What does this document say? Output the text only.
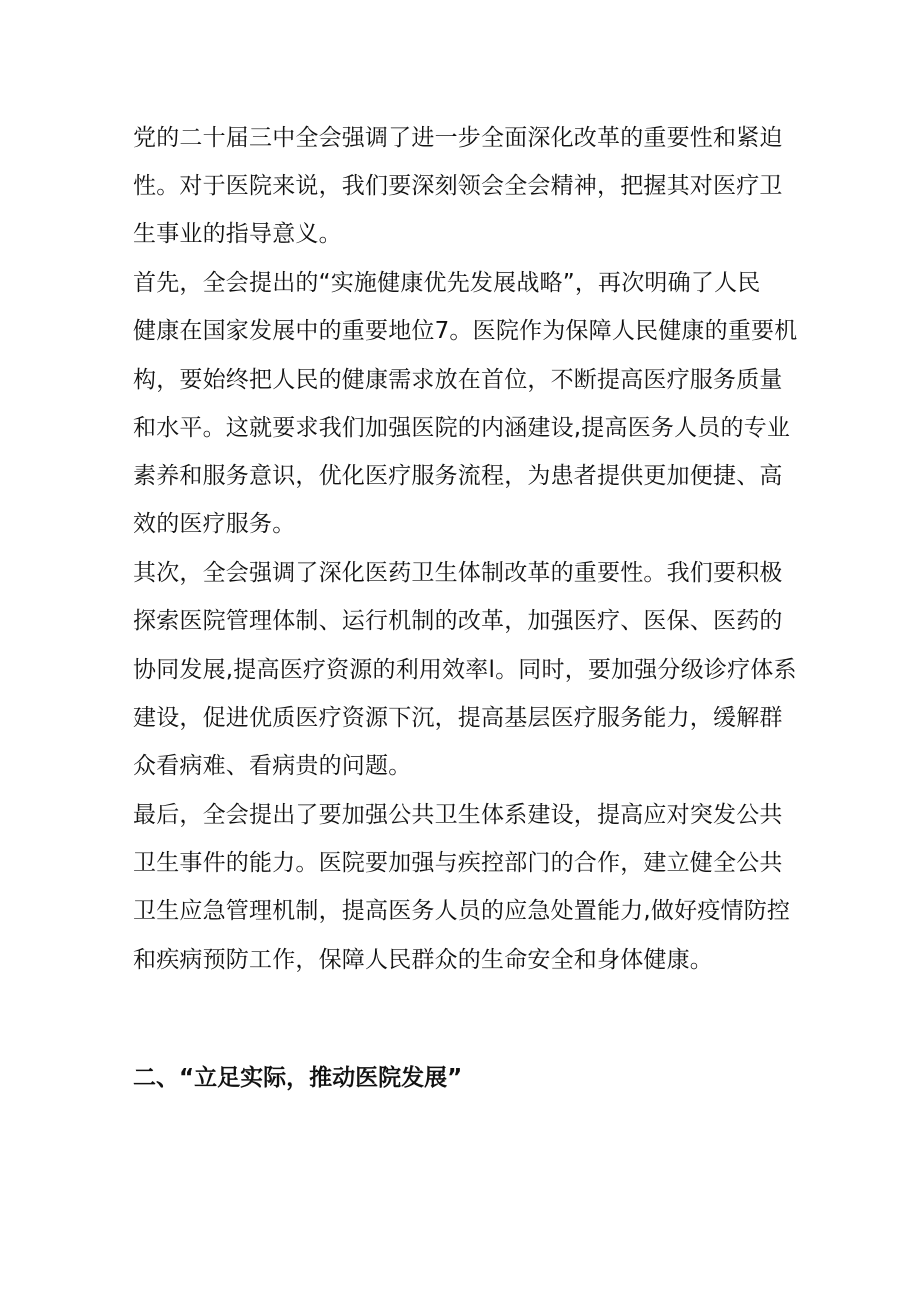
党的二十届三中全会强调了进一步全面深化改革的重要性和紧迫
性。对于医院来说，我们要深刻领会全会精神，把握其对医疗卫
生事业的指导意义。
首先，全会提出的“实施健康优先发展战略”，再次明确了人民
健康在国家发展中的重要地位7。医院作为保障人民健康的重要机
构，要始终把人民的健康需求放在首位，不断提高医疗服务质量
和水平。这就要求我们加强医院的内涵建设,提高医务人员的专业
素养和服务意识，优化医疗服务流程，为患者提供更加便捷、高
效的医疗服务。
其次，全会强调了深化医药卫生体制改革的重要性。我们要积极
探索医院管理体制、运行机制的改革，加强医疗、医保、医药的
协同发展,提高医疗资源的利用效率l。同时，要加强分级诊疗体系
建设，促进优质医疗资源下沉，提高基层医疗服务能力，缓解群
众看病难、看病贵的问题。
最后，全会提出了要加强公共卫生体系建设，提高应对突发公共
卫生事件的能力。医院要加强与疾控部门的合作，建立健全公共
卫生应急管理机制，提高医务人员的应急处置能力,做好疫情防控
和疾病预防工作，保障人民群众的生命安全和身体健康。
二、“立足实际，推动医院发展”
